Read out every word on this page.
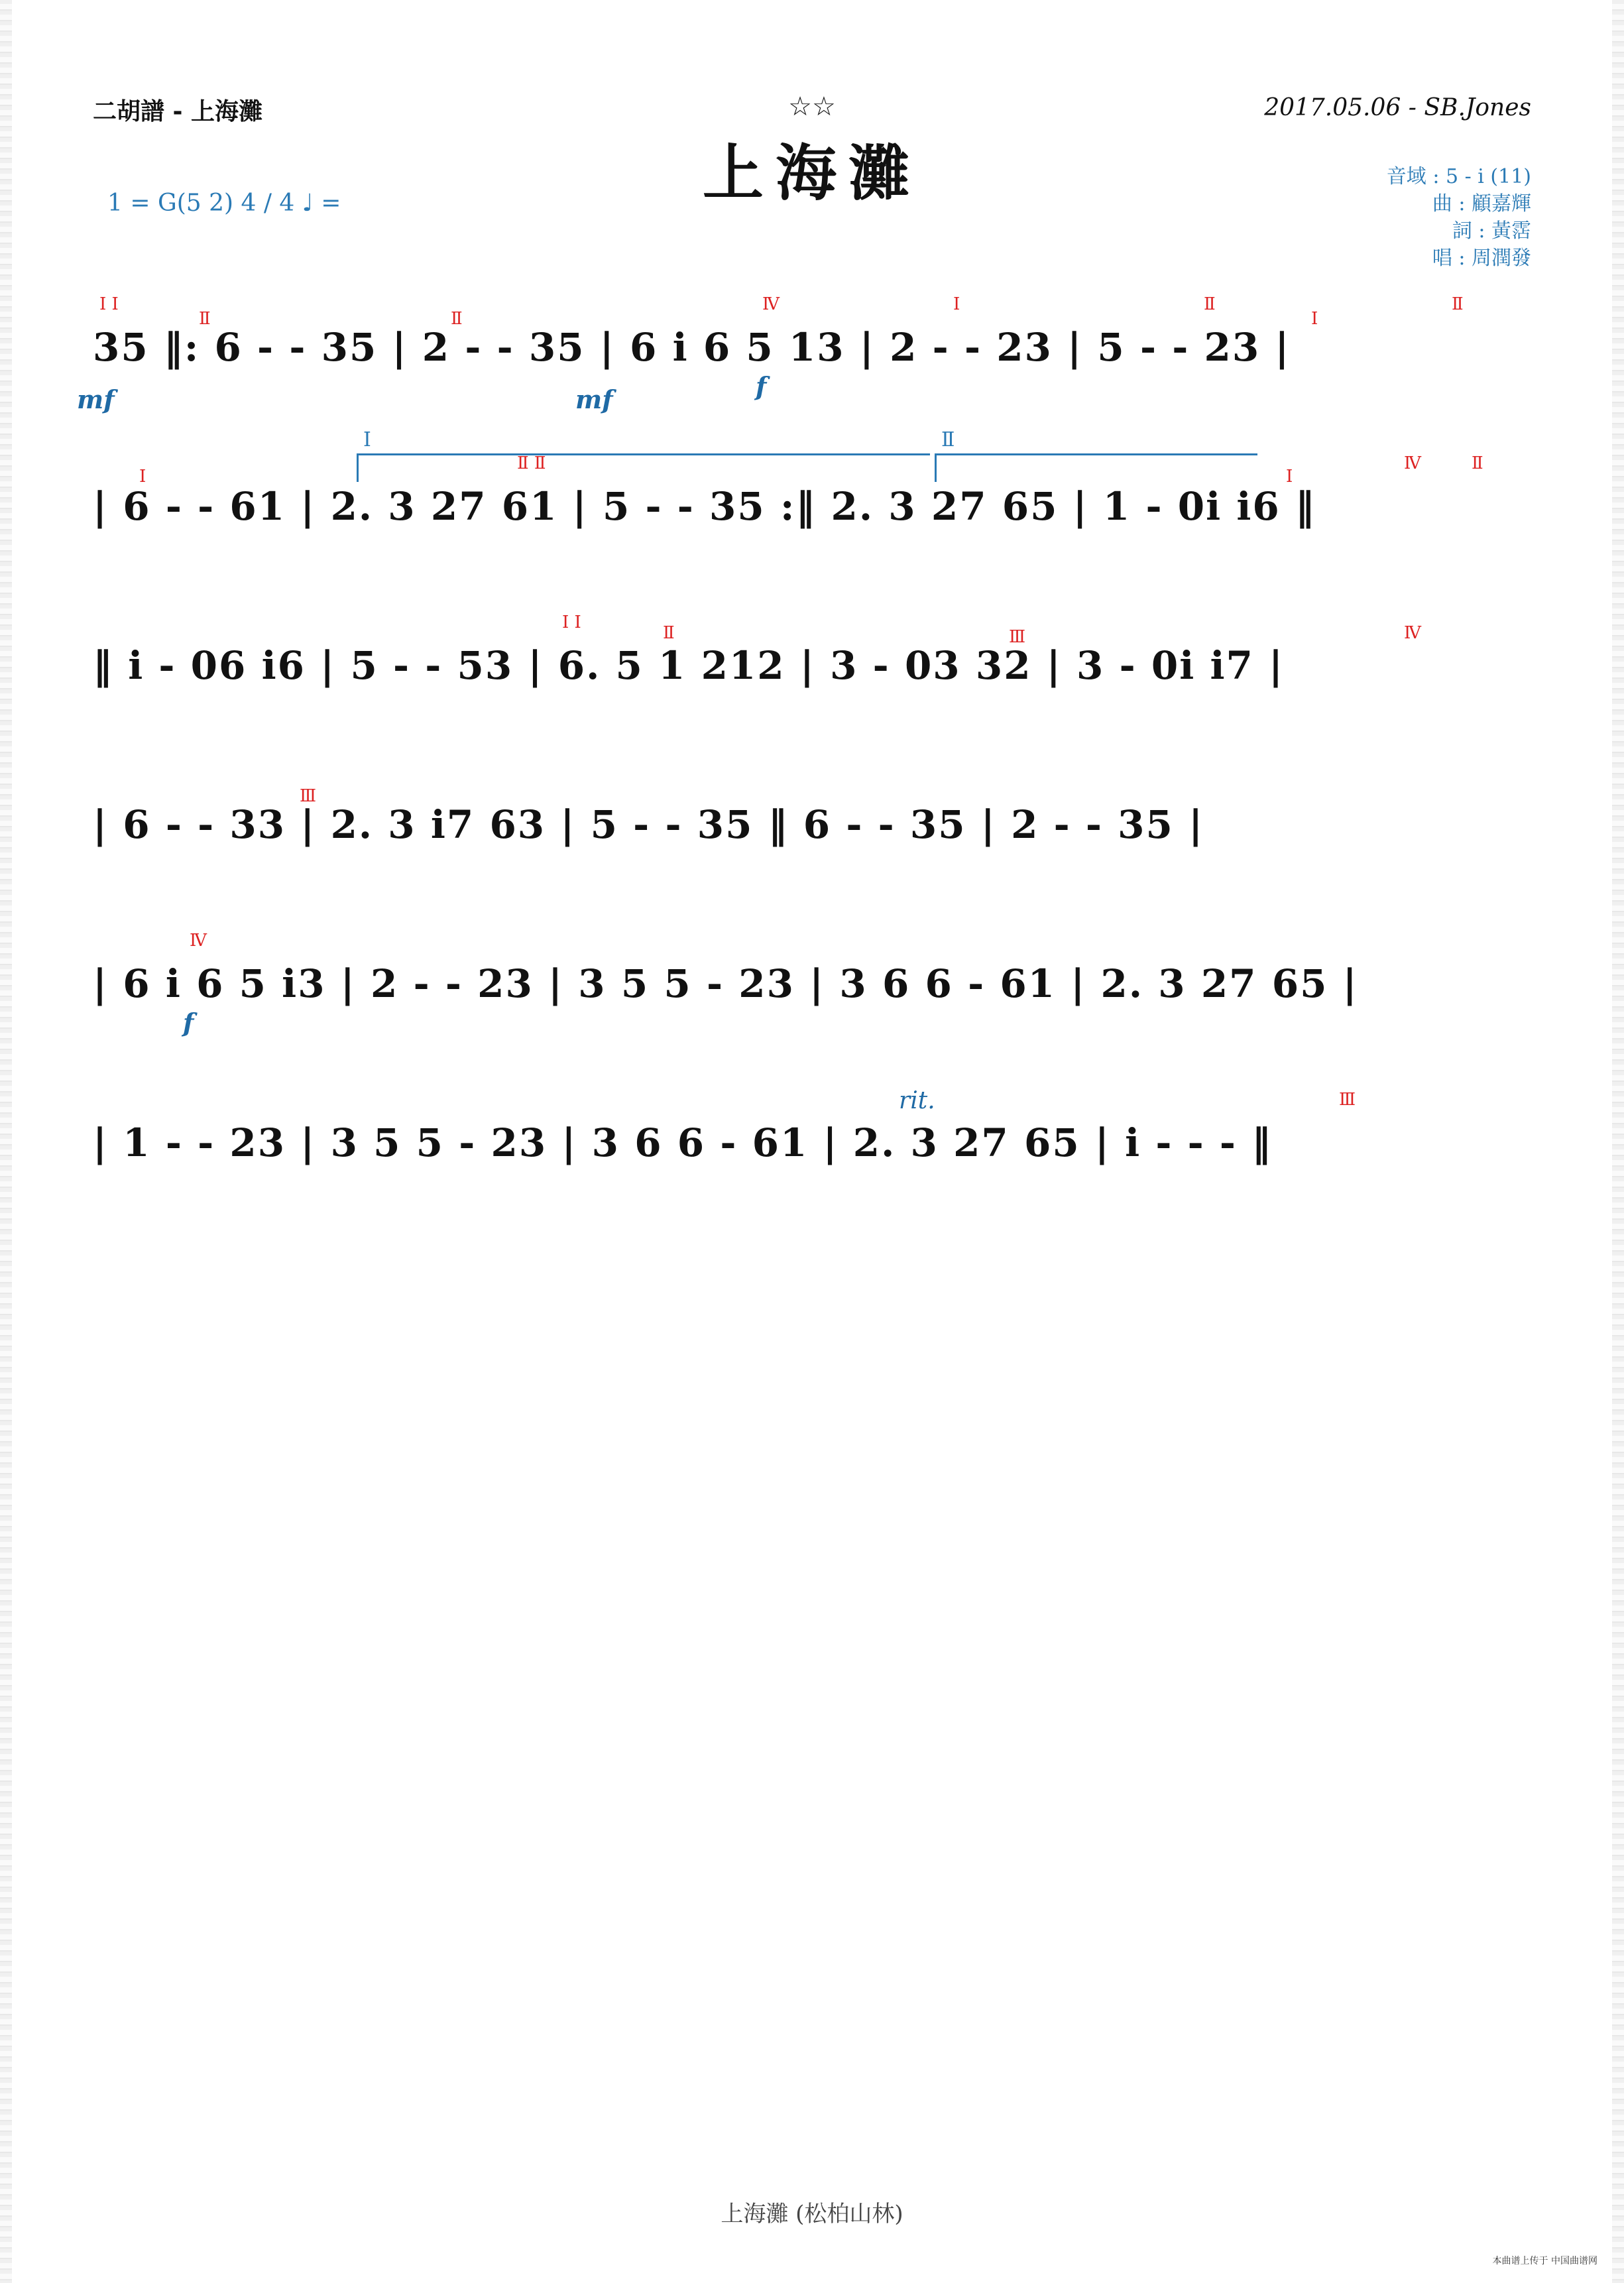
二胡譜 - 上海灘	2017.05.06 - SB.Jones
☆☆
上海灘
1 = G(5 2) 4 / 4 ♩ =
音域 : 5 - i (11)
曲 : 顧嘉輝
詞 : 黃霑
唱 : 周潤發
Ⅰ Ⅰ
Ⅱ	Ⅱ
Ⅳ	Ⅰ	Ⅱ
Ⅰ
Ⅱ
35 ‖: 6 - - 35 | 2 - - 35 | 6 i 6 5 13 | 2 - - 23 | 5 - - 23 |
mf	mf	f
Ⅰ	Ⅱ
Ⅰ
Ⅱ Ⅱ
Ⅰ
Ⅳ	Ⅱ
| 6 - - 61 | 2. 3 27 61 | 5 - - 35 :‖ 2. 3 27 65 | 1 - 0i i6 ‖
Ⅰ Ⅰ
Ⅱ	Ⅲ	Ⅳ
‖ i - 06 i6 | 5 - - 53 | 6. 5 1 212 | 3 - 03 32 | 3 - 0i i7 |
Ⅲ
| 6 - - 33 | 2. 3 i7 63 | 5 - - 35 ‖ 6 - - 35 | 2 - - 35 |
Ⅳ
| 6 i 6 5 i3 | 2 - - 23 | 3 5 5 - 23 | 3 6 6 - 61 | 2. 3 27 65 |
f
rit.	Ⅲ
| 1 - - 23 | 3 5 5 - 23 | 3 6 6 - 61 | 2. 3 27 65 | i - - - ‖
上海灘 (松柏山林)
本曲谱上传于 中国曲谱网
